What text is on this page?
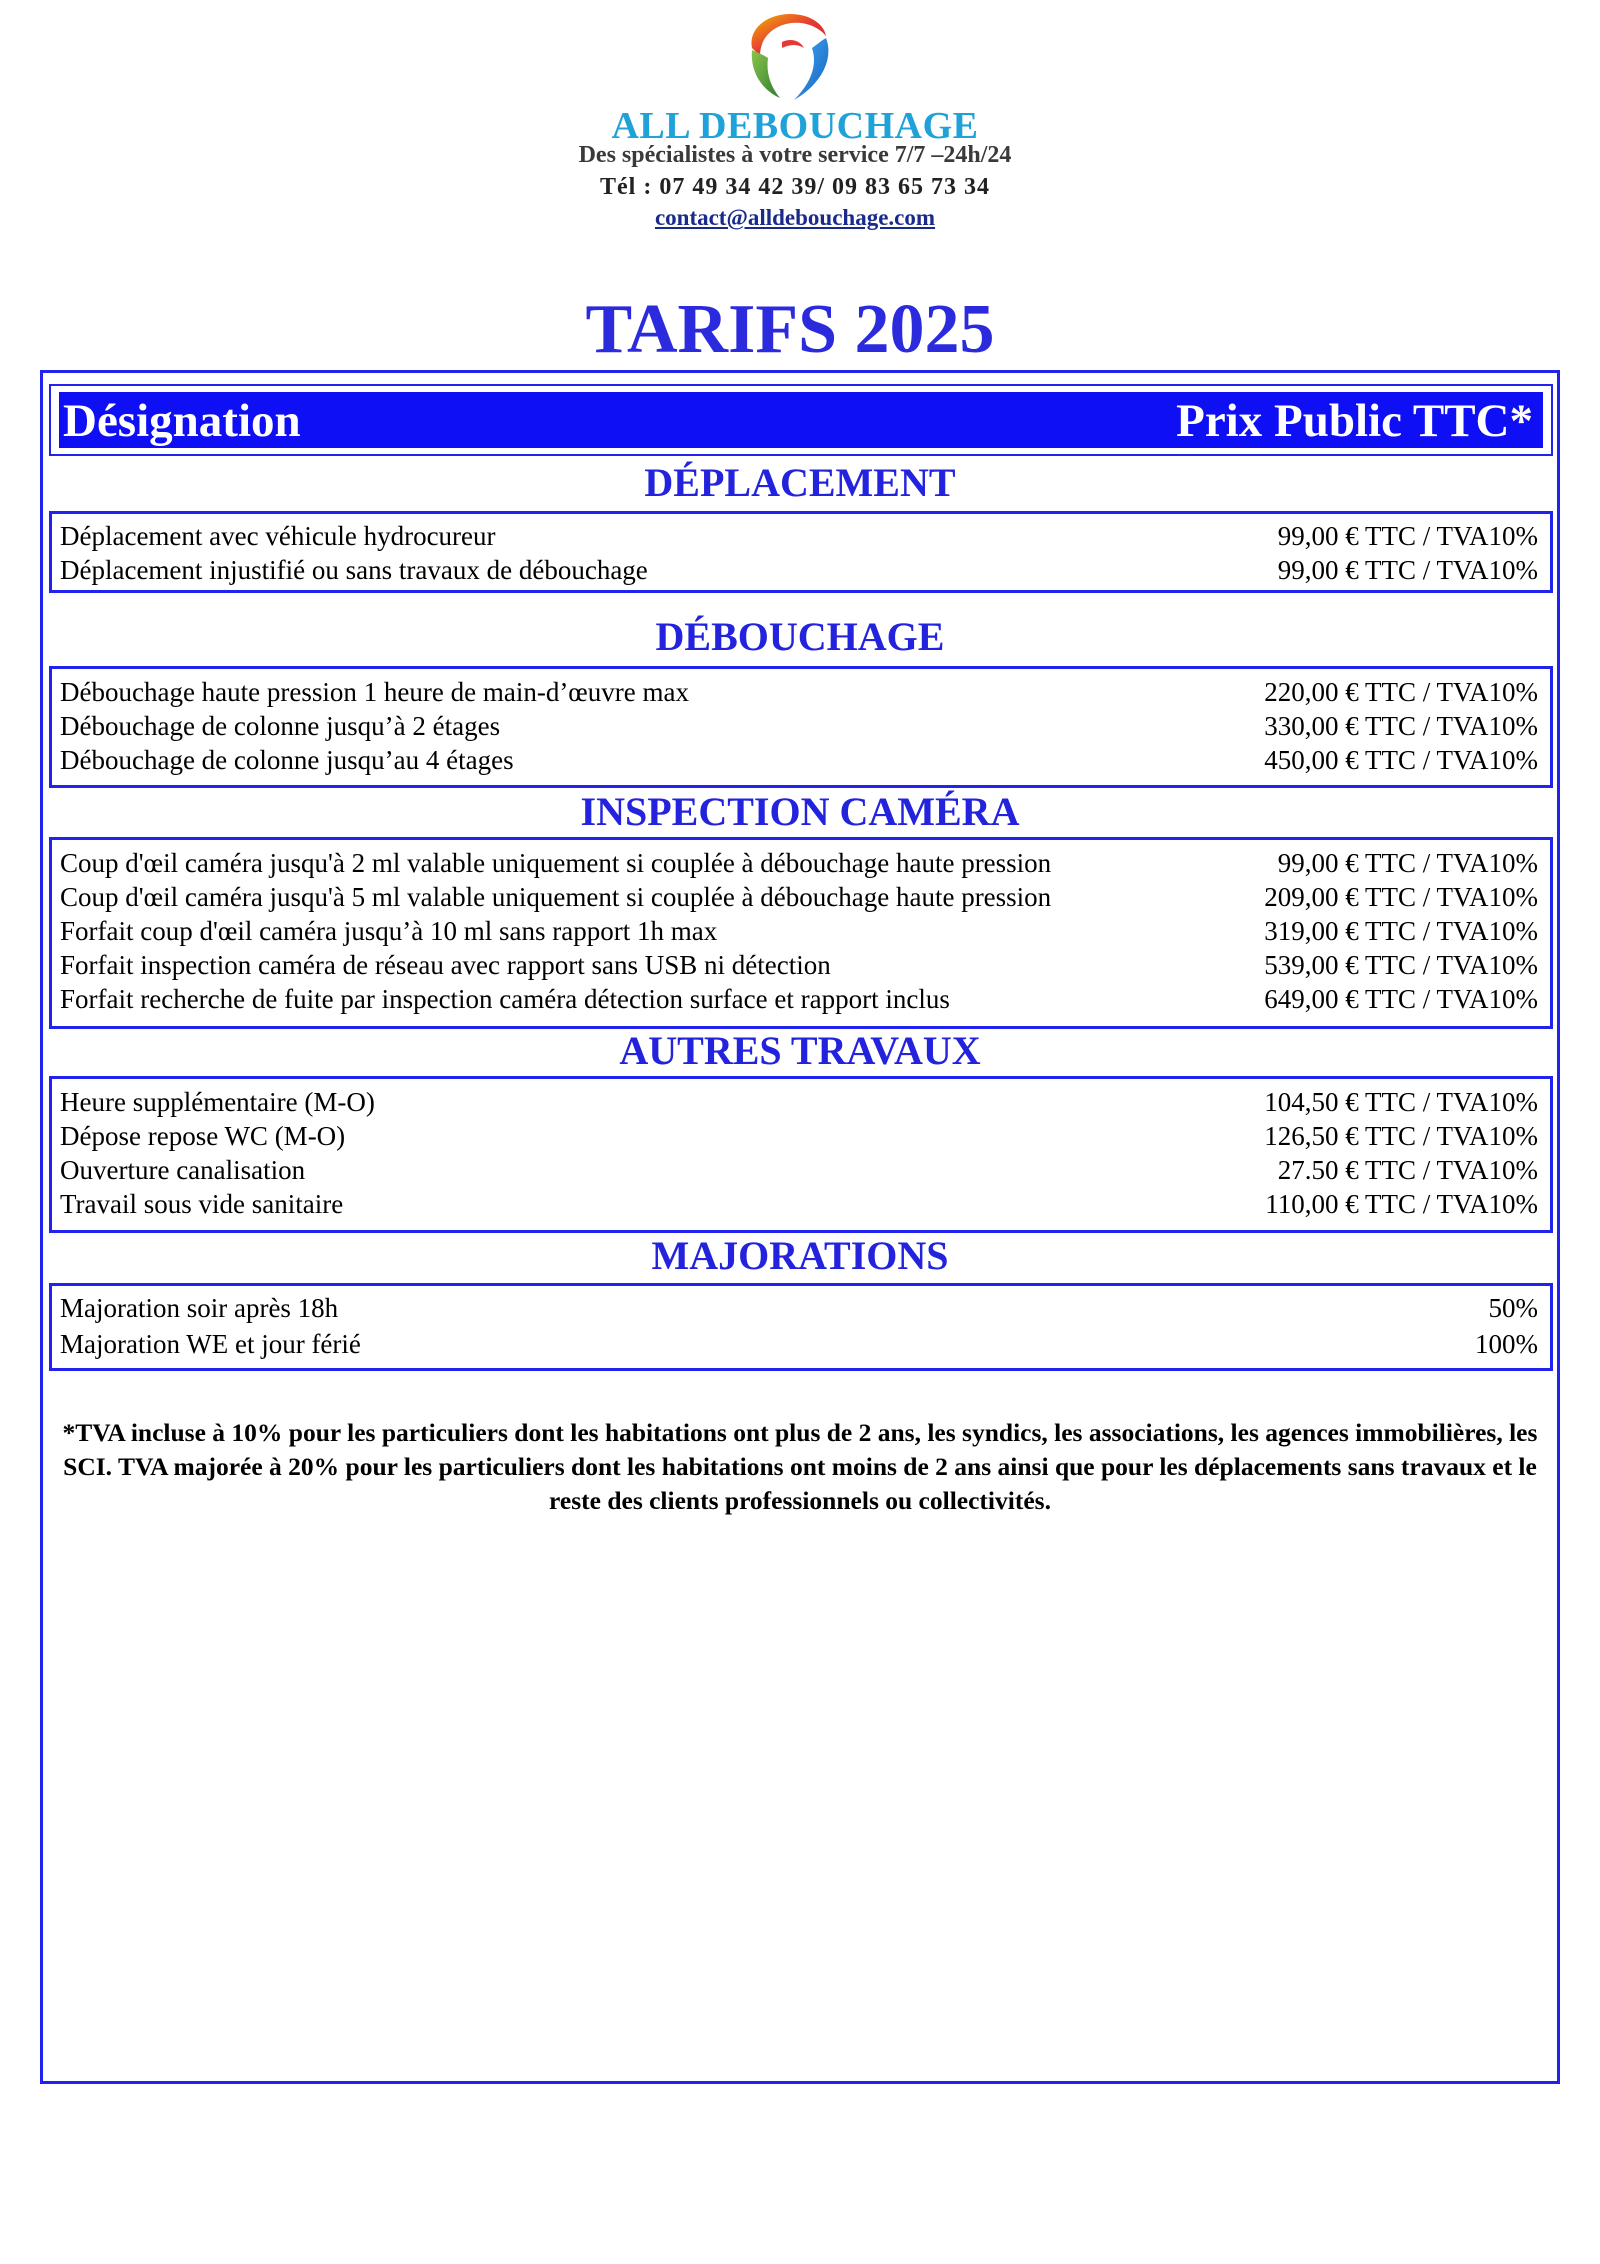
ALL DEBOUCHAGE
Des spécialistes à votre service 7/7 –24h/24
Tél : 07 49 34 42 39/ 09 83 65 73 34
contact@alldebouchage.com
TARIFS 2025
Désignation	Prix Public TTC*
DÉPLACEMENT
Déplacement avec véhicule hydrocureur	99,00 € TTC / TVA10%
Déplacement injustifié ou sans travaux de débouchage	99,00 € TTC / TVA10%
DÉBOUCHAGE
Débouchage haute pression 1 heure de main-d’œuvre max	220,00 € TTC / TVA10%
Débouchage de colonne jusqu’à 2 étages	330,00 € TTC / TVA10%
Débouchage de colonne jusqu’au 4 étages	450,00 € TTC / TVA10%
INSPECTION CAMÉRA
Coup d'œil caméra jusqu'à 2 ml valable uniquement si couplée à débouchage haute pression	99,00 € TTC / TVA10%
Coup d'œil caméra jusqu'à 5 ml valable uniquement si couplée à débouchage haute pression	209,00 € TTC / TVA10%
Forfait coup d'œil caméra jusqu’à 10 ml sans rapport 1h max	319,00 € TTC / TVA10%
Forfait inspection caméra de réseau avec rapport sans USB ni détection	539,00 € TTC / TVA10%
Forfait recherche de fuite par inspection caméra détection surface et rapport inclus	649,00 € TTC / TVA10%
AUTRES TRAVAUX
Heure supplémentaire (M-O)	104,50 € TTC / TVA10%
Dépose repose WC (M-O)	126,50 € TTC / TVA10%
Ouverture canalisation	27.50 € TTC / TVA10%
Travail sous vide sanitaire	110,00 € TTC / TVA10%
MAJORATIONS
Majoration soir après 18h	50%
Majoration WE et jour férié	100%
*TVA incluse à 10% pour les particuliers dont les habitations ont plus de 2 ans, les syndics, les associations, les agences immobilières, les SCI. TVA majorée à 20% pour les particuliers dont les habitations ont moins de 2 ans ainsi que pour les déplacements sans travaux et le reste des clients professionnels ou collectivités.
